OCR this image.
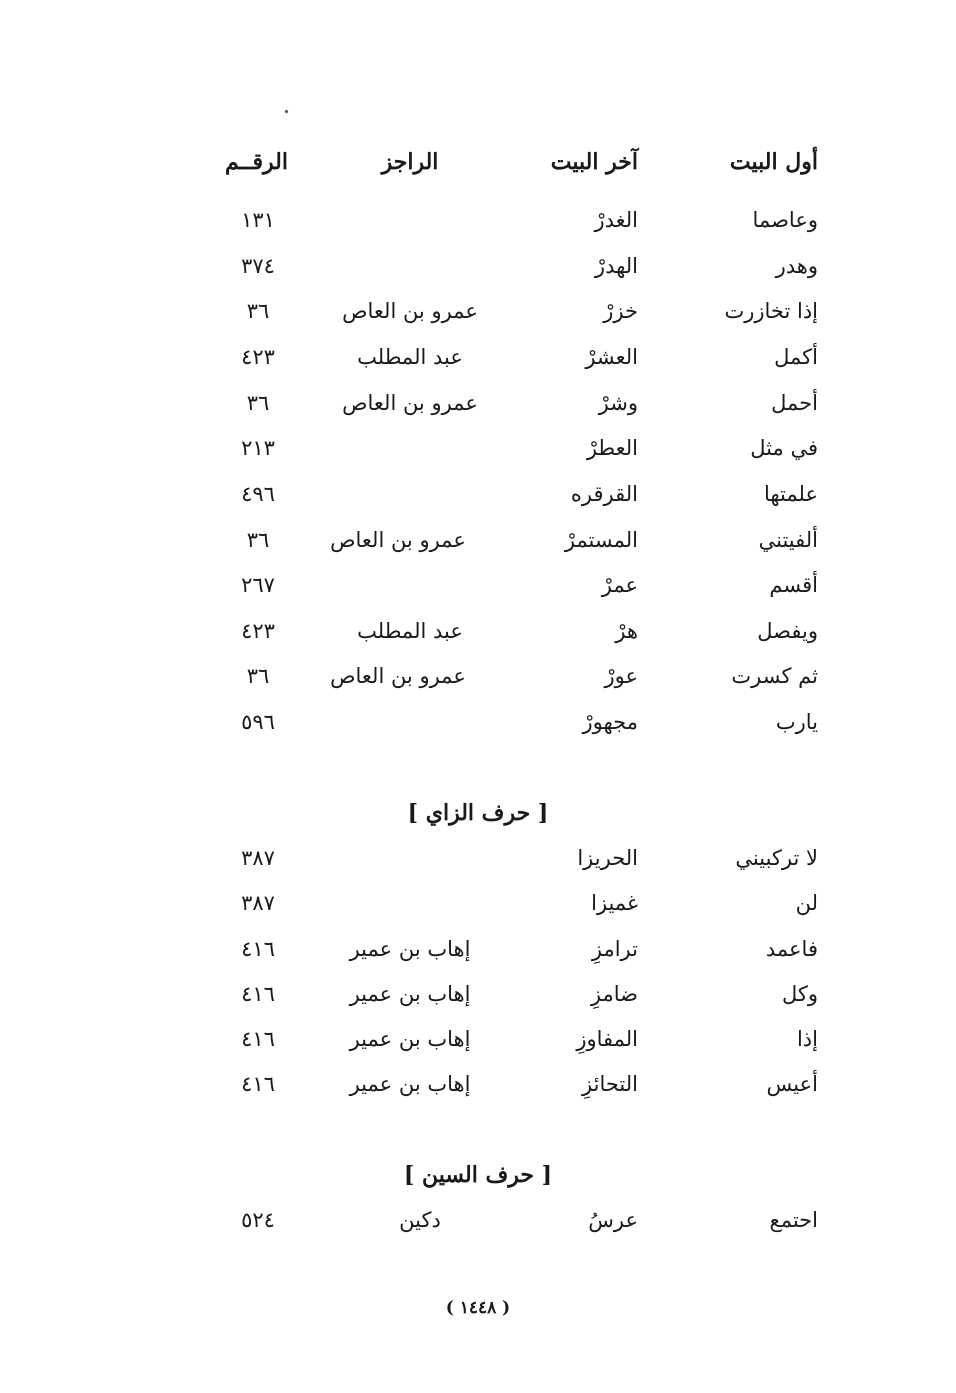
أول البيت
آخر البيت
الراجز
الرقــم
وعاصما
الغدرْ
١٣١
وهدر
الهدرْ
٣٧٤
إذا تخازرت
خزرْ
عمرو بن العاص
٣٦
أكمل
العشرْ
عبد المطلب
٤٢٣
أحمل
وشرْ
عمرو بن العاص
٣٦
في مثل
العطرْ
٢١٣
علمتها
القرقره
٤٩٦
ألفيتني
المستمرْ
عمرو بن العاص
٣٦
أقسم
عمرْ
٢٦٧
ويفصل
هرْ
عبد المطلب
٤٢٣
ثم كسرت
عورْ
عمرو بن العاص
٣٦
يارب
مجهورْ
٥٩٦
[ حرف الزاي ]
لا تركبيني
الحريزا
٣٨٧
لن
غميزا
٣٨٧
فاعمد
ترامزِ
إهاب بن عمير
٤١٦
وكل
ضامزِ
إهاب بن عمير
٤١٦
إذا
المفاوزِ
إهاب بن عمير
٤١٦
أعيس
التحائزِ
إهاب بن عمير
٤١٦
[ حرف السين ]
احتمع
عرسُ
دكين
٥٢٤
( ١٤٤٨ )
